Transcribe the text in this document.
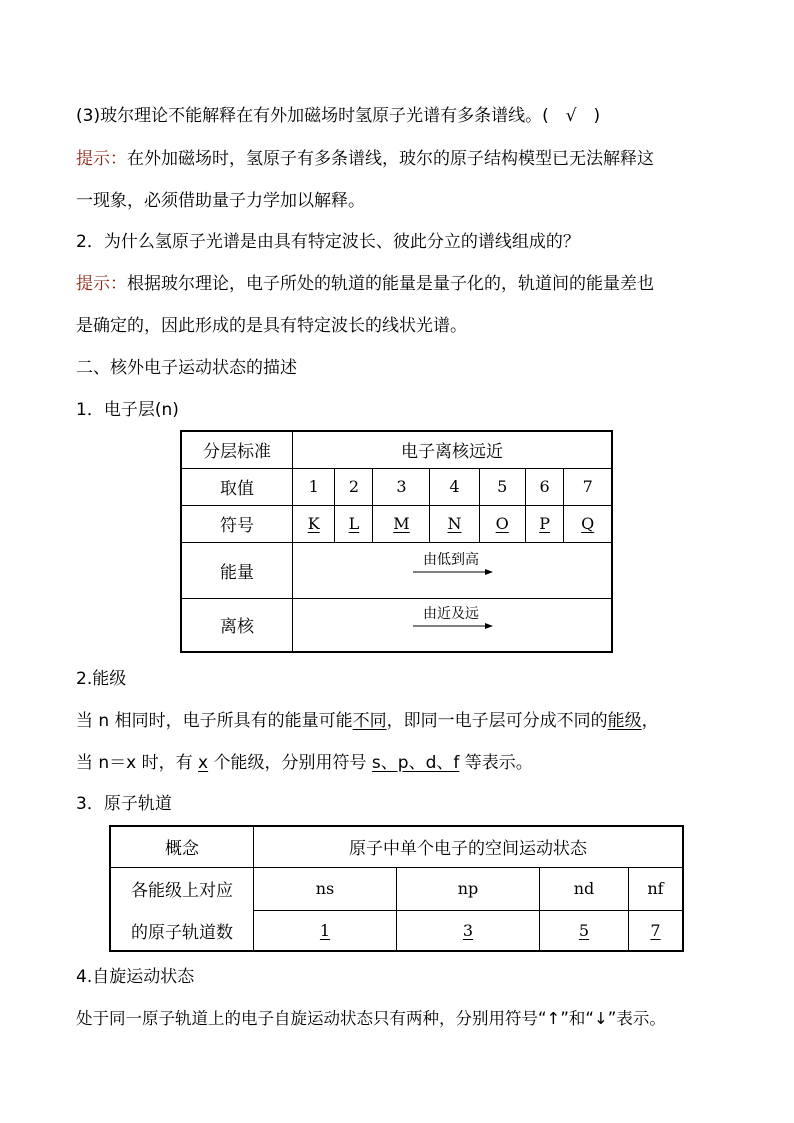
(3)玻尔理论不能解释在有外加磁场时氢原子光谱有多条谱线。(　√　)
提示：在外加磁场时，氢原子有多条谱线，玻尔的原子结构模型已无法解释这
一现象，必须借助量子力学加以解释。
2．为什么氢原子光谱是由具有特定波长、彼此分立的谱线组成的？
提示：根据玻尔理论，电子所处的轨道的能量是量子化的，轨道间的能量差也
是确定的，因此形成的是具有特定波长的线状光谱。
二、核外电子运动状态的描述
1．电子层(n)
分层标准	电子离核远近						
取值	1	2	3	4	5	6	7
符号	K	L	M	N	O	P	Q
能量	由低到高						

离核	由近及远						
2.能级
当 n 相同时，电子所具有的能量可能不同，即同一电子层可分成不同的能级，
当 n＝x 时，有 x 个能级，分别用符号 s、p、d、f 等表示。
3．原子轨道
概念	原子中单个电子的空间运动状态			
各能级上对应	ns	np	nd	nf
的原子轨道数	1	3	5	7
4.自旋运动状态
处于同一原子轨道上的电子自旋运动状态只有两种，分别用符号“↑”和“↓”表示。
